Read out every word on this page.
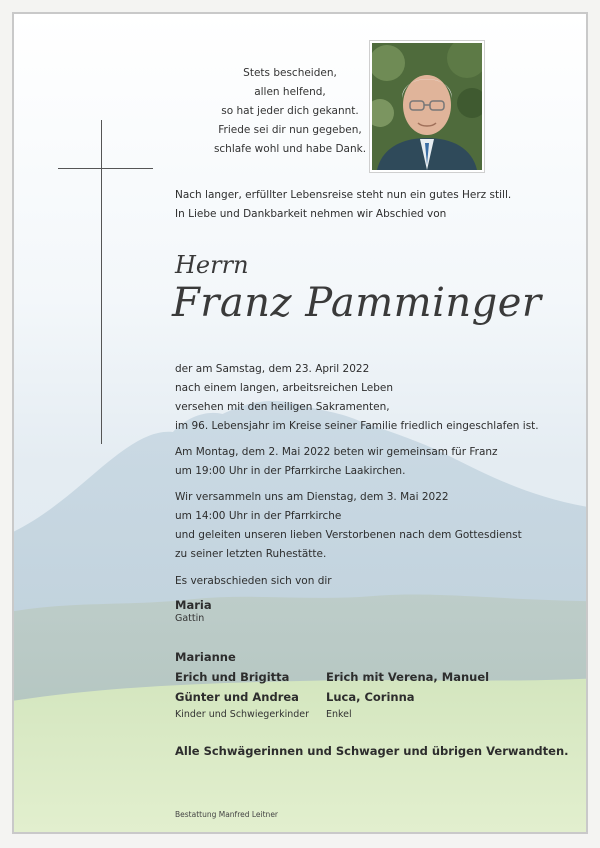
Stets bescheiden,
allen helfend,
so hat jeder dich gekannt.
Friede sei dir nun gegeben,
schlafe wohl und habe Dank.
Nach langer, erfüllter Lebensreise steht nun ein gutes Herz still.
In Liebe und Dankbarkeit nehmen wir Abschied von
Herrn
Franz Pamminger
der am Samstag, dem 23. April 2022
nach einem langen, arbeitsreichen Leben
versehen mit den heiligen Sakramenten,
im 96. Lebensjahr im Kreise seiner Familie friedlich eingeschlafen ist.
Am Montag, dem 2. Mai 2022 beten wir gemeinsam für Franz
um 19:00 Uhr in der Pfarrkirche Laakirchen.
Wir versammeln uns am Dienstag, dem 3. Mai 2022
um 14:00 Uhr in der Pfarrkirche
und geleiten unseren lieben Verstorbenen nach dem Gottesdienst
zu seiner letzten Ruhestätte.
Es verabschieden sich von dir
Maria
Gattin
Marianne
Erich und Brigitta
Günter und Andrea
Kinder und Schwiegerkinder
Erich mit Verena, Manuel
Luca, Corinna
Enkel
Alle Schwägerinnen und Schwager und übrigen Verwandten.
Bestattung Manfred Leitner
